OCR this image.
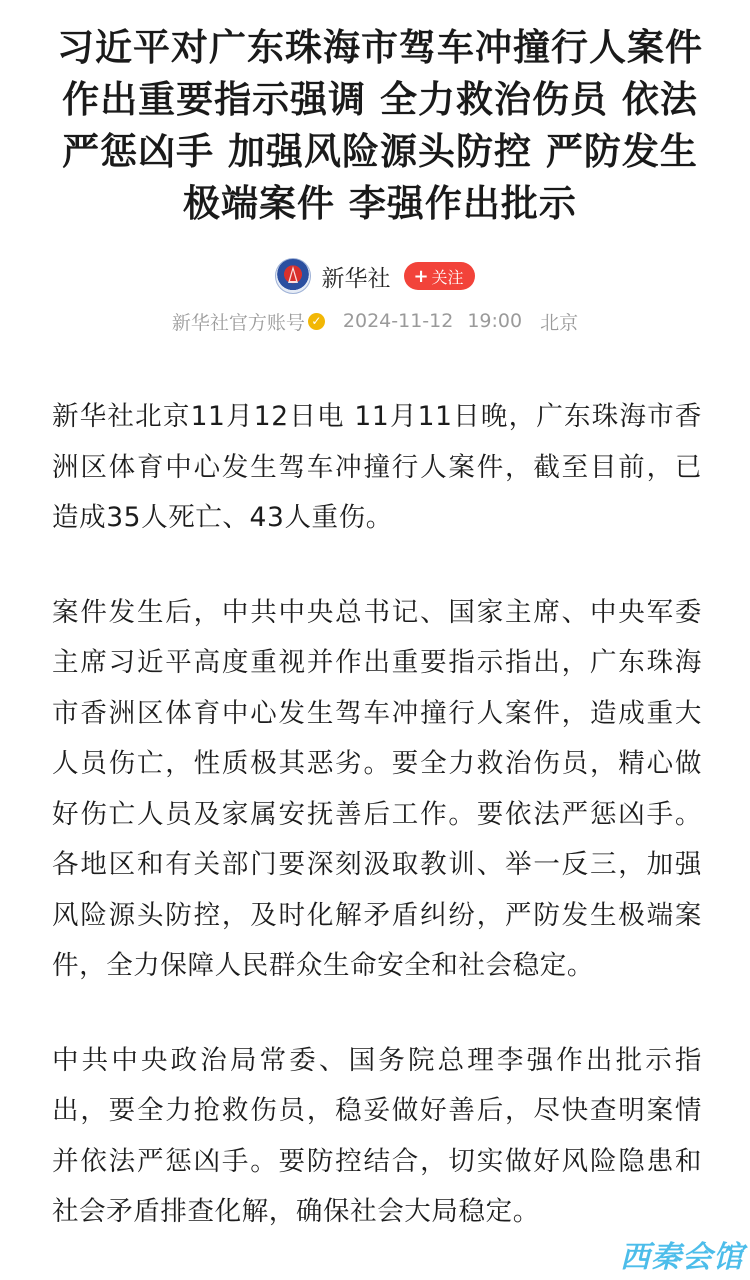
习近平对广东珠海市驾车冲撞行人案件作出重要指示强调 全力救治伤员 依法严惩凶手 加强风险源头防控 严防发生极端案件 李强作出批示
新华社 + 关注
新华社官方账号 ✓ 2024-11-12 19:00 北京

新华社北京11月12日电 11月11日晚，广东珠海市香洲区体育中心发生驾车冲撞行人案件，截至目前，已造成35人死亡、43人重伤。

案件发生后，中共中央总书记、国家主席、中央军委主席习近平高度重视并作出重要指示指出，广东珠海市香洲区体育中心发生驾车冲撞行人案件，造成重大人员伤亡，性质极其恶劣。要全力救治伤员，精心做好伤亡人员及家属安抚善后工作。要依法严惩凶手。各地区和有关部门要深刻汲取教训、举一反三，加强风险源头防控，及时化解矛盾纠纷，严防发生极端案件，全力保障人民群众生命安全和社会稳定。

中共中央政治局常委、国务院总理李强作出批示指出，要全力抢救伤员，稳妥做好善后，尽快查明案情并依法严惩凶手。要防控结合，切实做好风险隐患和社会矛盾排查化解，确保社会大局稳定。

西秦会馆
